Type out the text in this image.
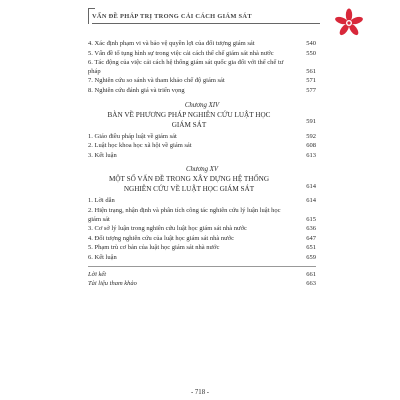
VẤN ĐỀ PHÁP TRỊ TRONG CẢI CÁCH GIÁM SÁT
4. Xác định phạm vi và bảo vệ quyền lợi của đối tượng giám sát	540
5. Vấn đề tố tụng hình sự trong việc cải cách thể chế giám sát nhà nước	550
6. Tác động của việc cải cách hệ thống giám sát quốc gia đối với thể chế tư pháp	561
7. Nghiên cứu so sánh và tham khảo chế độ giám sát	571
8. Nghiên cứu đánh giá và triển vọng	577
Chương XIV
BÀN VỀ PHƯƠNG PHÁP NGHIÊN CỨU LUẬT HỌC GIÁM SÁT	591
1. Giáo điều pháp luật về giám sát	592
2. Luật học khoa học xã hội về giám sát	608
3. Kết luận	613
Chương XV
MỘT SỐ VẤN ĐỀ TRONG XÂY DỰNG HỆ THỐNG NGHIÊN CỨU VỀ LUẬT HỌC GIÁM SÁT	614
1. Lời dẫn	614
2. Hiện trạng, nhận định và phân tích công tác nghiên cứu lý luận luật học giám sát	615
3. Cơ sở lý luận trong nghiên cứu luật học giám sát nhà nước	636
4. Đối tượng nghiên cứu của luật học giám sát nhà nước	647
5. Phạm trù cơ bản của luật học giám sát nhà nước	651
6. Kết luận	659
Lời kết	661
Tài liệu tham khảo	663
- 718 -
